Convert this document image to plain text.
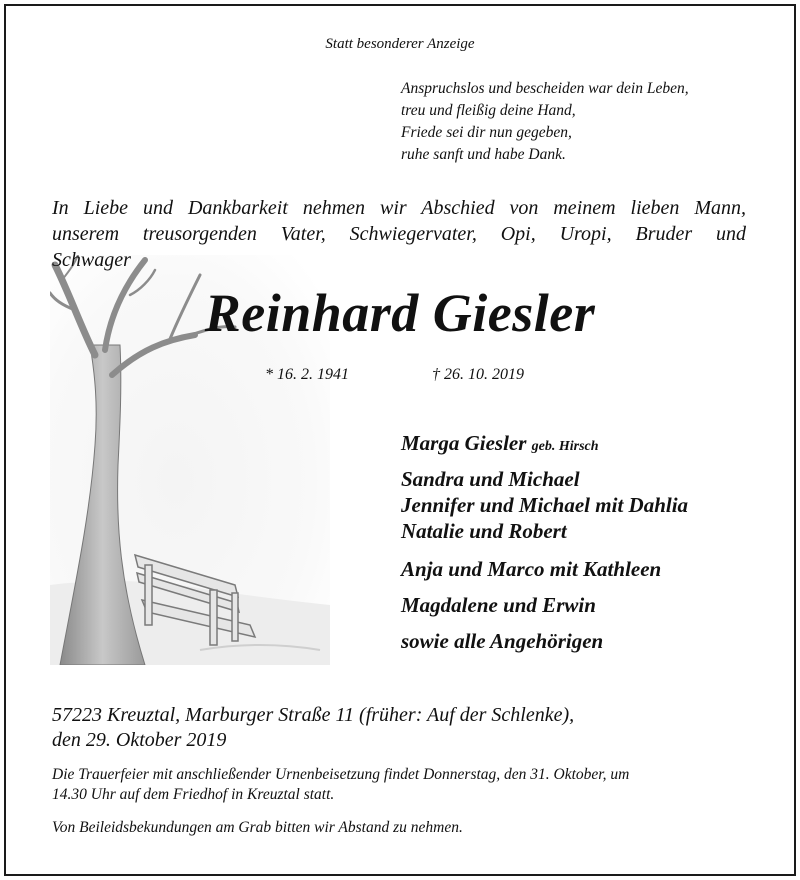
Statt besonderer Anzeige
Anspruchslos und bescheiden war dein Leben,
treu und fleißig deine Hand,
Friede sei dir nun gegeben,
ruhe sanft und habe Dank.
In Liebe und Dankbarkeit nehmen wir Abschied von meinem lieben Mann,
unserem treusorgenden Vater, Schwiegervater, Opi, Uropi, Bruder und
Schwager
Reinhard Giesler
* 16. 2. 1941	† 26. 10. 2019
Marga Giesler geb. Hirsch
Sandra und Michael
Jennifer und Michael mit Dahlia
Natalie und Robert
Anja und Marco mit Kathleen
Magdalene und Erwin
sowie alle Angehörigen
57223 Kreuztal, Marburger Straße 11 (früher: Auf der Schlenke),
den 29. Oktober 2019
Die Trauerfeier mit anschließender Urnenbeisetzung findet Donnerstag, den 31. Oktober, um
14.30 Uhr auf dem Friedhof in Kreuztal statt.
Von Beileidsbekundungen am Grab bitten wir Abstand zu nehmen.
